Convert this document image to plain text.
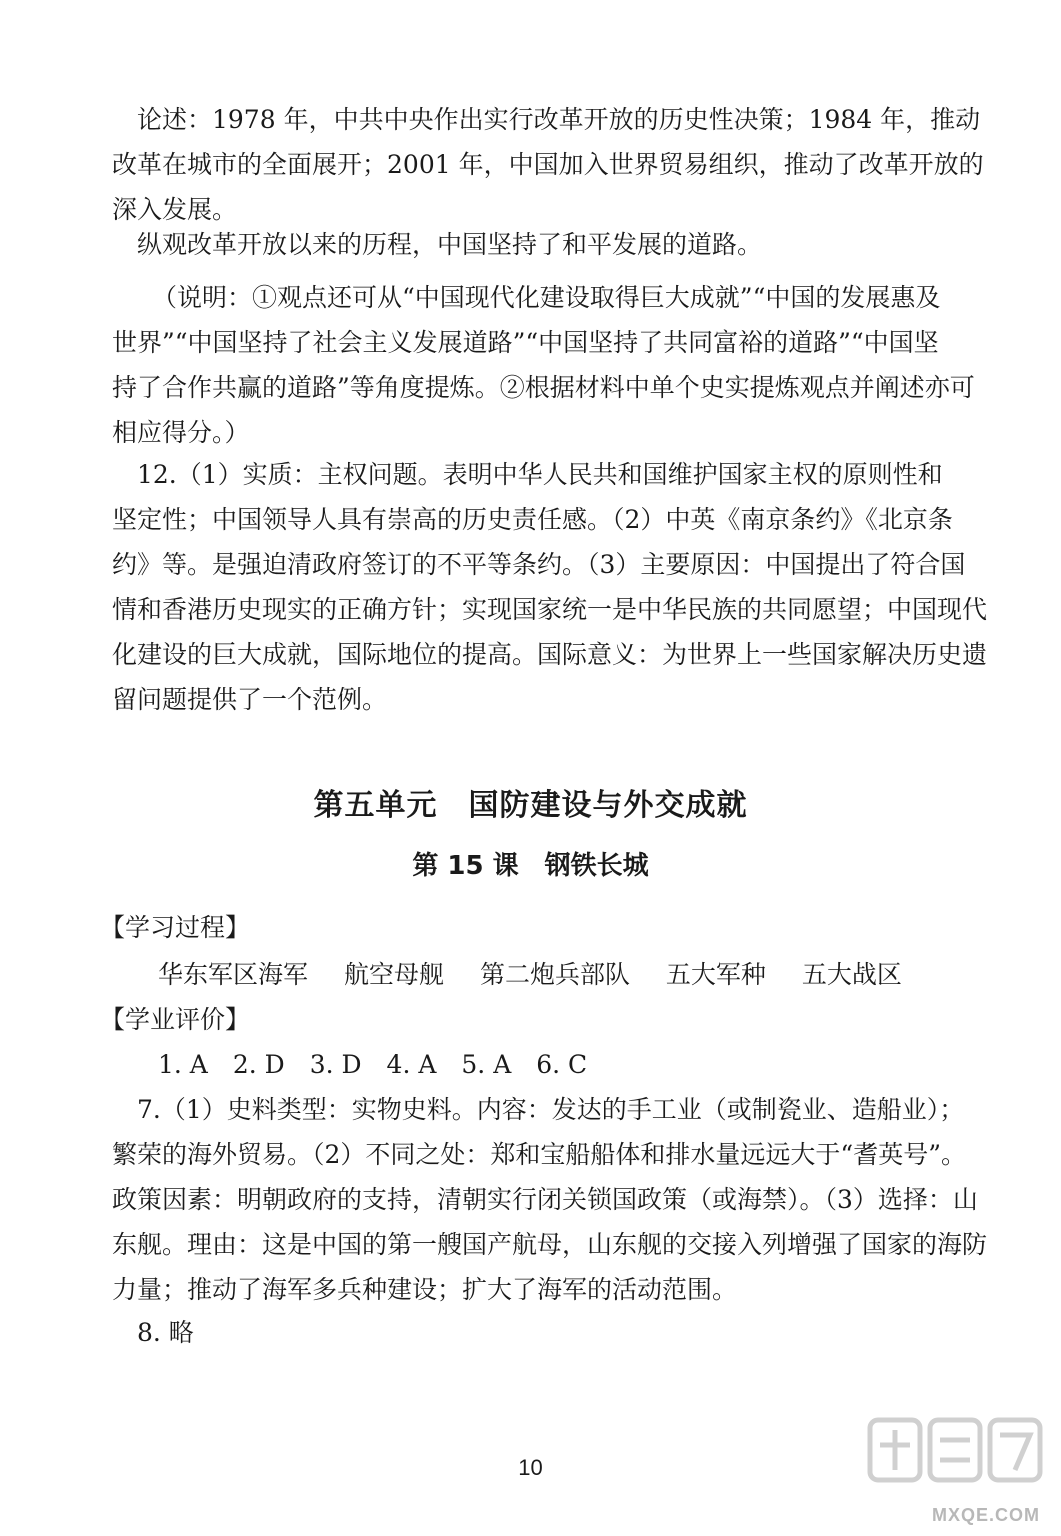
　论述：1978 年，中共中央作出实行改革开放的历史性决策；1984 年，推动
改革在城市的全面展开；2001 年，中国加入世界贸易组织，推动了改革开放的
深入发展。

　纵观改革开放以来的历程，中国坚持了和平发展的道路。

（说明：①观点还可从“中国现代化建设取得巨大成就”“中国的发展惠及
世界”“中国坚持了社会主义发展道路”“中国坚持了共同富裕的道路”“中国坚
持了合作共赢的道路”等角度提炼。②根据材料中单个史实提炼观点并阐述亦可
相应得分。）

　12.（1）实质：主权问题。表明中华人民共和国维护国家主权的原则性和
坚定性；中国领导人具有崇高的历史责任感。（2）中英《南京条约》《北京条
约》等。是强迫清政府签订的不平等条约。（3）主要原因：中国提出了符合国
情和香港历史现实的正确方针；实现国家统一是中华民族的共同愿望；中国现代
化建设的巨大成就，国际地位的提高。国际意义：为世界上一些国家解决历史遗
留问题提供了一个范例。

第五单元　国防建设与外交成就
第 15 课　钢铁长城

【学习过程】

华东军区海军 航空母舰 第二炮兵部队 五大军种 五大战区

【学业评价】

1. A　2. D　3. D　4. A　5. A　6. C

　7.（1）史料类型：实物史料。内容：发达的手工业（或制瓷业、造船业）；
繁荣的海外贸易。（2）不同之处：郑和宝船船体和排水量远远大于“耆英号”。
政策因素：明朝政府的支持，清朝实行闭关锁国政策（或海禁）。（3）选择：山
东舰。理由：这是中国的第一艘国产航母，山东舰的交接入列增强了国家的海防
力量；推动了海军多兵种建设；扩大了海军的活动范围。

　8. 略

10

MXQE.COM
